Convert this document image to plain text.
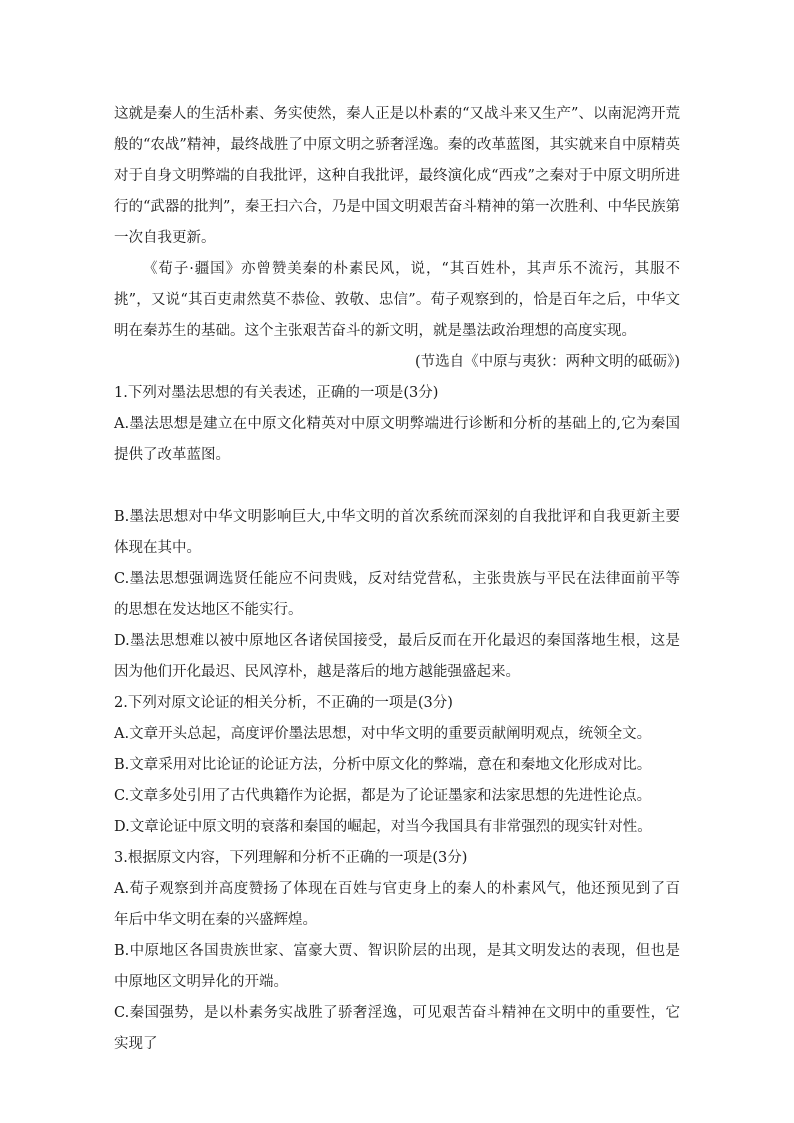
这就是秦人的生活朴素、务实使然，秦人正是以朴素的“又战斗来又生产”、以南泥湾开荒般的“农战”精神，最终战胜了中原文明之骄奢淫逸。秦的改革蓝图，其实就来自中原精英对于自身文明弊端的自我批评，这种自我批评，最终演化成“西戎”之秦对于中原文明所进行的“武器的批判”，秦王扫六合，乃是中国文明艰苦奋斗精神的第一次胜利、中华民族第一次自我更新。

《荀子·疆国》亦曾赞美秦的朴素民风，说，“其百姓朴，其声乐不流污，其服不挑”，又说“其百吏肃然莫不恭俭、敦敬、忠信”。荀子观察到的，恰是百年之后，中华文明在秦苏生的基础。这个主张艰苦奋斗的新文明，就是墨法政治理想的高度实现。

(节选自《中原与夷狄：两种文明的砥砺》)

1.下列对墨法思想的有关表述，正确的一项是(3分)

A.墨法思想是建立在中原文化精英对中原文明弊端进行诊断和分析的基础上的,它为秦国提供了改革蓝图。

B.墨法思想对中华文明影响巨大,中华文明的首次系统而深刻的自我批评和自我更新主要体现在其中。

C.墨法思想强调选贤任能应不问贵贱，反对结党营私，主张贵族与平民在法律面前平等的思想在发达地区不能实行。

D.墨法思想难以被中原地区各诸侯国接受，最后反而在开化最迟的秦国落地生根，这是因为他们开化最迟、民风淳朴，越是落后的地方越能强盛起来。

2.下列对原文论证的相关分析，不正确的一项是(3分)

A.文章开头总起，高度评价墨法思想，对中华文明的重要贡献阐明观点，统领全文。

B.文章采用对比论证的论证方法，分析中原文化的弊端，意在和秦地文化形成对比。

C.文章多处引用了古代典籍作为论据，都是为了论证墨家和法家思想的先进性论点。

D.文章论证中原文明的衰落和秦国的崛起，对当今我国具有非常强烈的现实针对性。

3.根据原文内容，下列理解和分析不正确的一项是(3分)

A.荀子观察到并高度赞扬了体现在百姓与官吏身上的秦人的朴素风气，他还预见到了百年后中华文明在秦的兴盛辉煌。

B.中原地区各国贵族世家、富豪大贾、智识阶层的出现，是其文明发达的表现，但也是中原地区文明异化的开端。

C.秦国强势，是以朴素务实战胜了骄奢淫逸，可见艰苦奋斗精神在文明中的重要性，它实现了
